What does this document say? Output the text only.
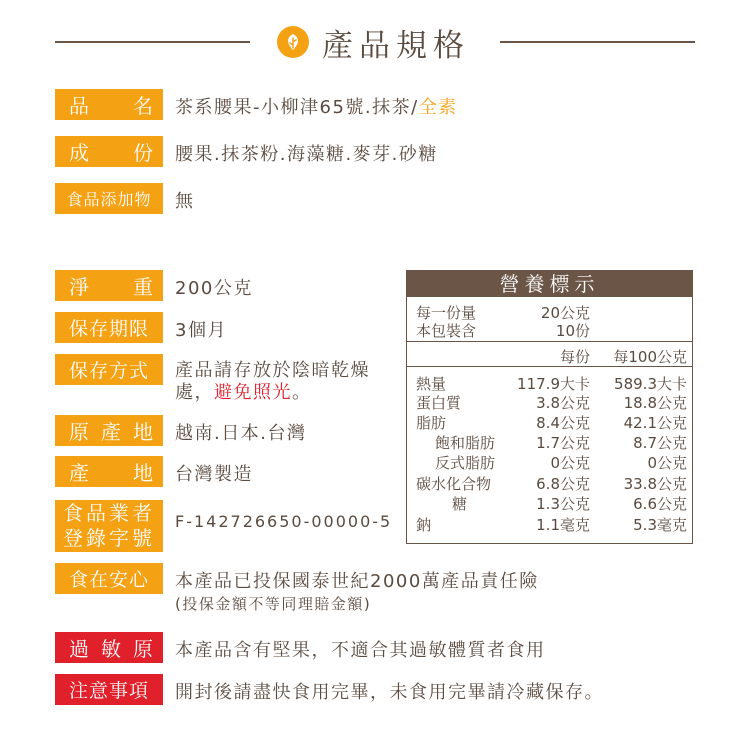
產品規格
品 名 茶系腰果-小柳津65號.抹茶/全素
成 份 腰果.抹茶粉.海藻糖.麥芽.砂糖
食品添加物	無
淨 重 200公克
保存期限	3個月
保存方式	產品請存放於陰暗乾燥
處，避免照光。
原 產 地 越南.日本.台灣
產 地 台灣製造
食品業者
登錄字號
F-142726650-00000-5
食在安心	本產品已投保國泰世紀2000萬產品責任險
(投保金額不等同理賠金額)
過 敏 原 本產品含有堅果，不適合其過敏體質者食用
注意事項	開封後請盡快食用完畢，未食用完畢請冷藏保存。
營養標示
每一份量	20公克
本包裝含	10份
每份 每100公克
熱量	117.9大卡 589.3大卡
蛋白質	3.8公克 18.8公克
脂肪	8.4公克 42.1公克
飽和脂肪	1.7公克	8.7公克
反式脂肪	0公克	0公克
碳水化合物	6.8公克 33.8公克
糖	1.3公克	6.6公克
鈉	1.1毫克	5.3毫克
